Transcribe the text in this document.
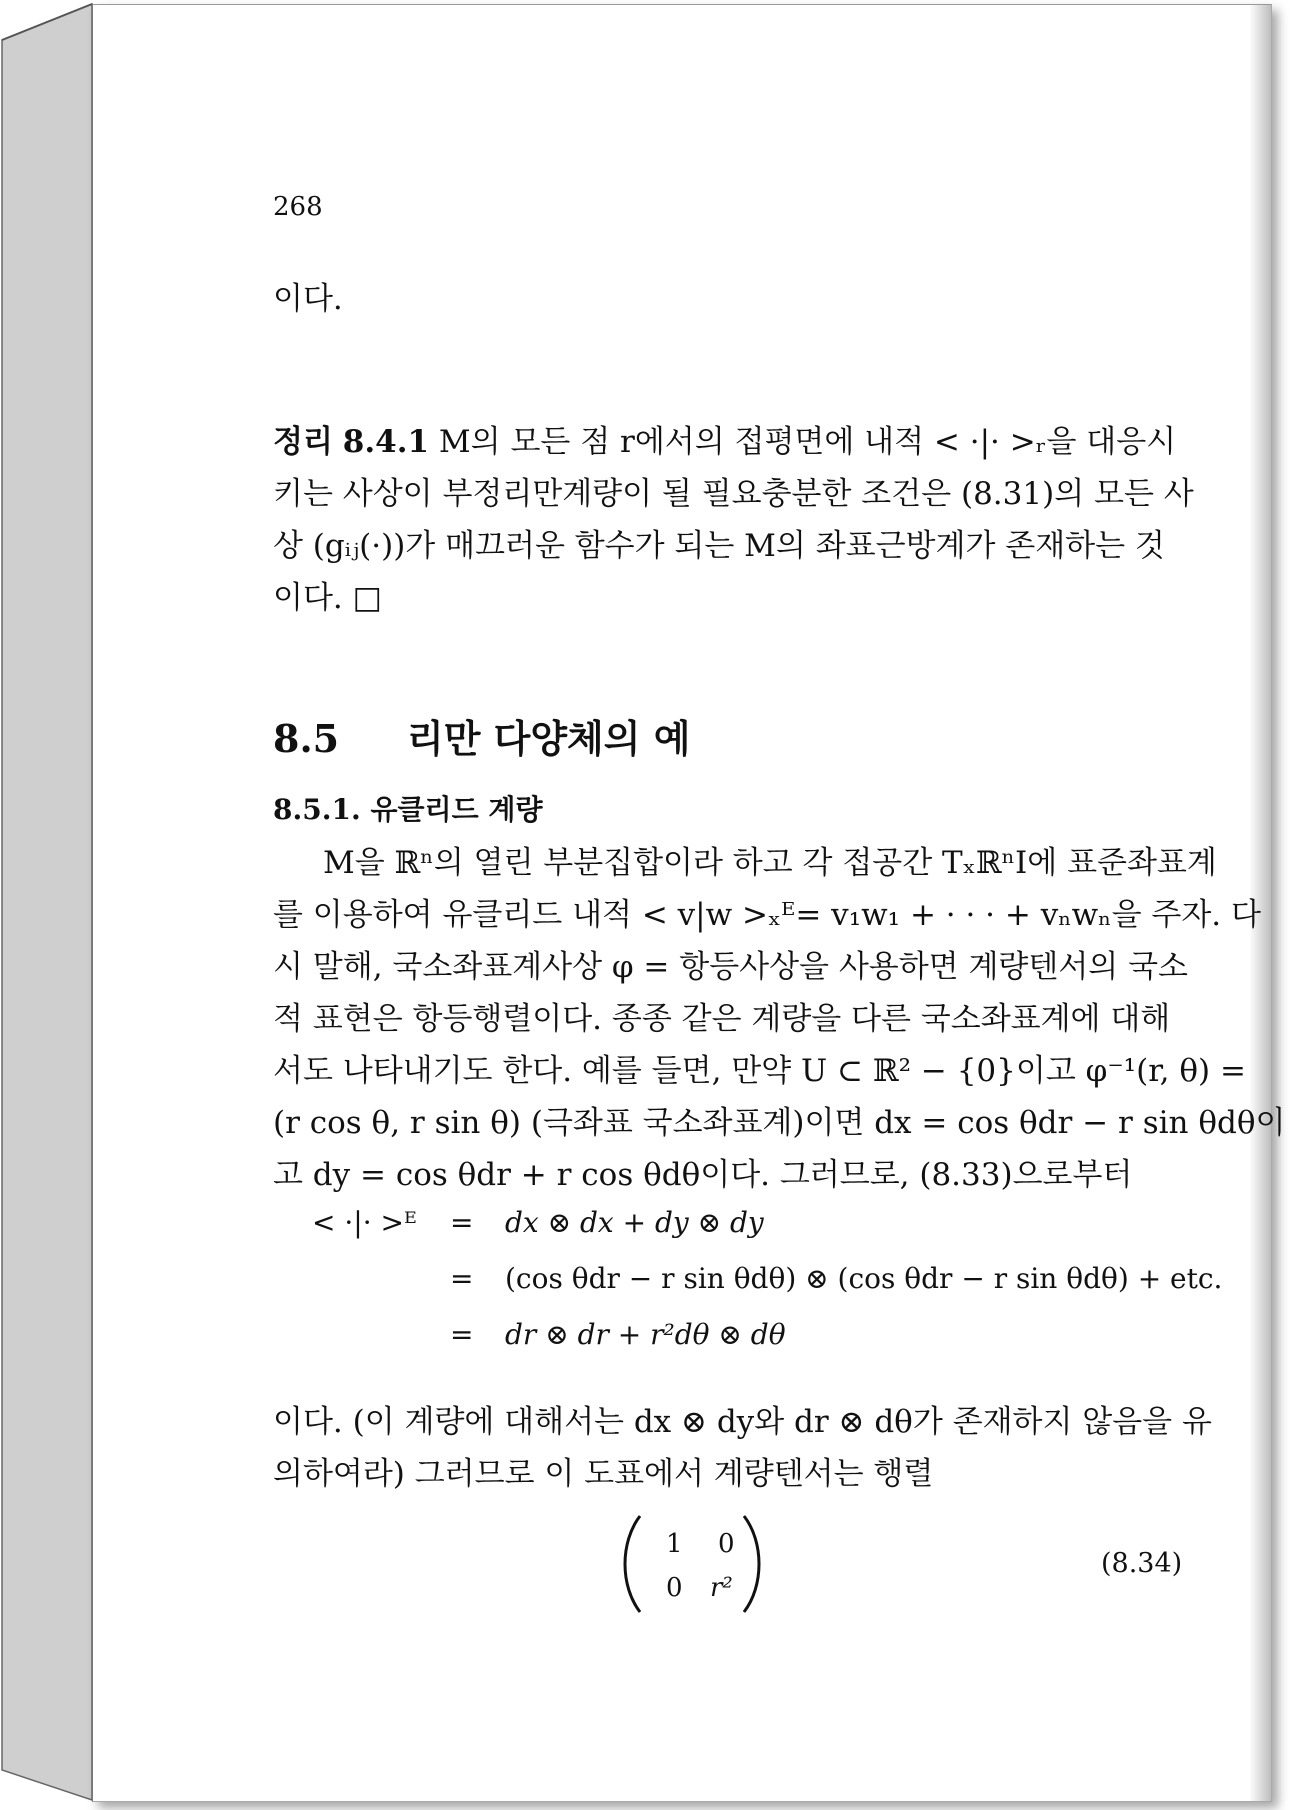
268
이다.
정리 8.4.1 M의 모든 점 r에서의 접평면에 내적 < ·|· >ᵣ을 대응시
키는 사상이 부정리만계량이 될 필요충분한 조건은 (8.31)의 모든 사
상 (gᵢⱼ(·))가 매끄러운 함수가 되는 M의 좌표근방계가 존재하는 것
이다. □
8.5 리만 다양체의 예
8.5.1. 유클리드 계량
M을 ℝⁿ의 열린 부분집합이라 하고 각 접공간 TₓℝⁿI에 표준좌표계
를 이용하여 유클리드 내적 < v|w >ₓᴱ= v₁w₁ + · · · + vₙwₙ을 주자. 다
시 말해, 국소좌표계사상 φ = 항등사상을 사용하면 계량텐서의 국소
적 표현은 항등행렬이다. 종종 같은 계량을 다른 국소좌표계에 대해
서도 나타내기도 한다. 예를 들면, 만약 U ⊂ ℝ² − {0}이고 φ⁻¹(r, θ) =
(r cos θ, r sin θ) (극좌표 국소좌표계)이면 dx = cos θdr − r sin θdθ이
고 dy = cos θdr + r cos θdθ이다. 그러므로, (8.33)으로부터
< ·|· >ᴱ = dx ⊗ dx + dy ⊗ dy
= (cos θdr − r sin θdθ) ⊗ (cos θdr − r sin θdθ) + etc.
= dr ⊗ dr + r²dθ ⊗ dθ
이다. (이 계량에 대해서는 dx ⊗ dy와 dr ⊗ dθ가 존재하지 않음을 유
의하여라) 그러므로 이 도표에서 계량텐서는 행렬
1 0
0 r²
(8.34)
